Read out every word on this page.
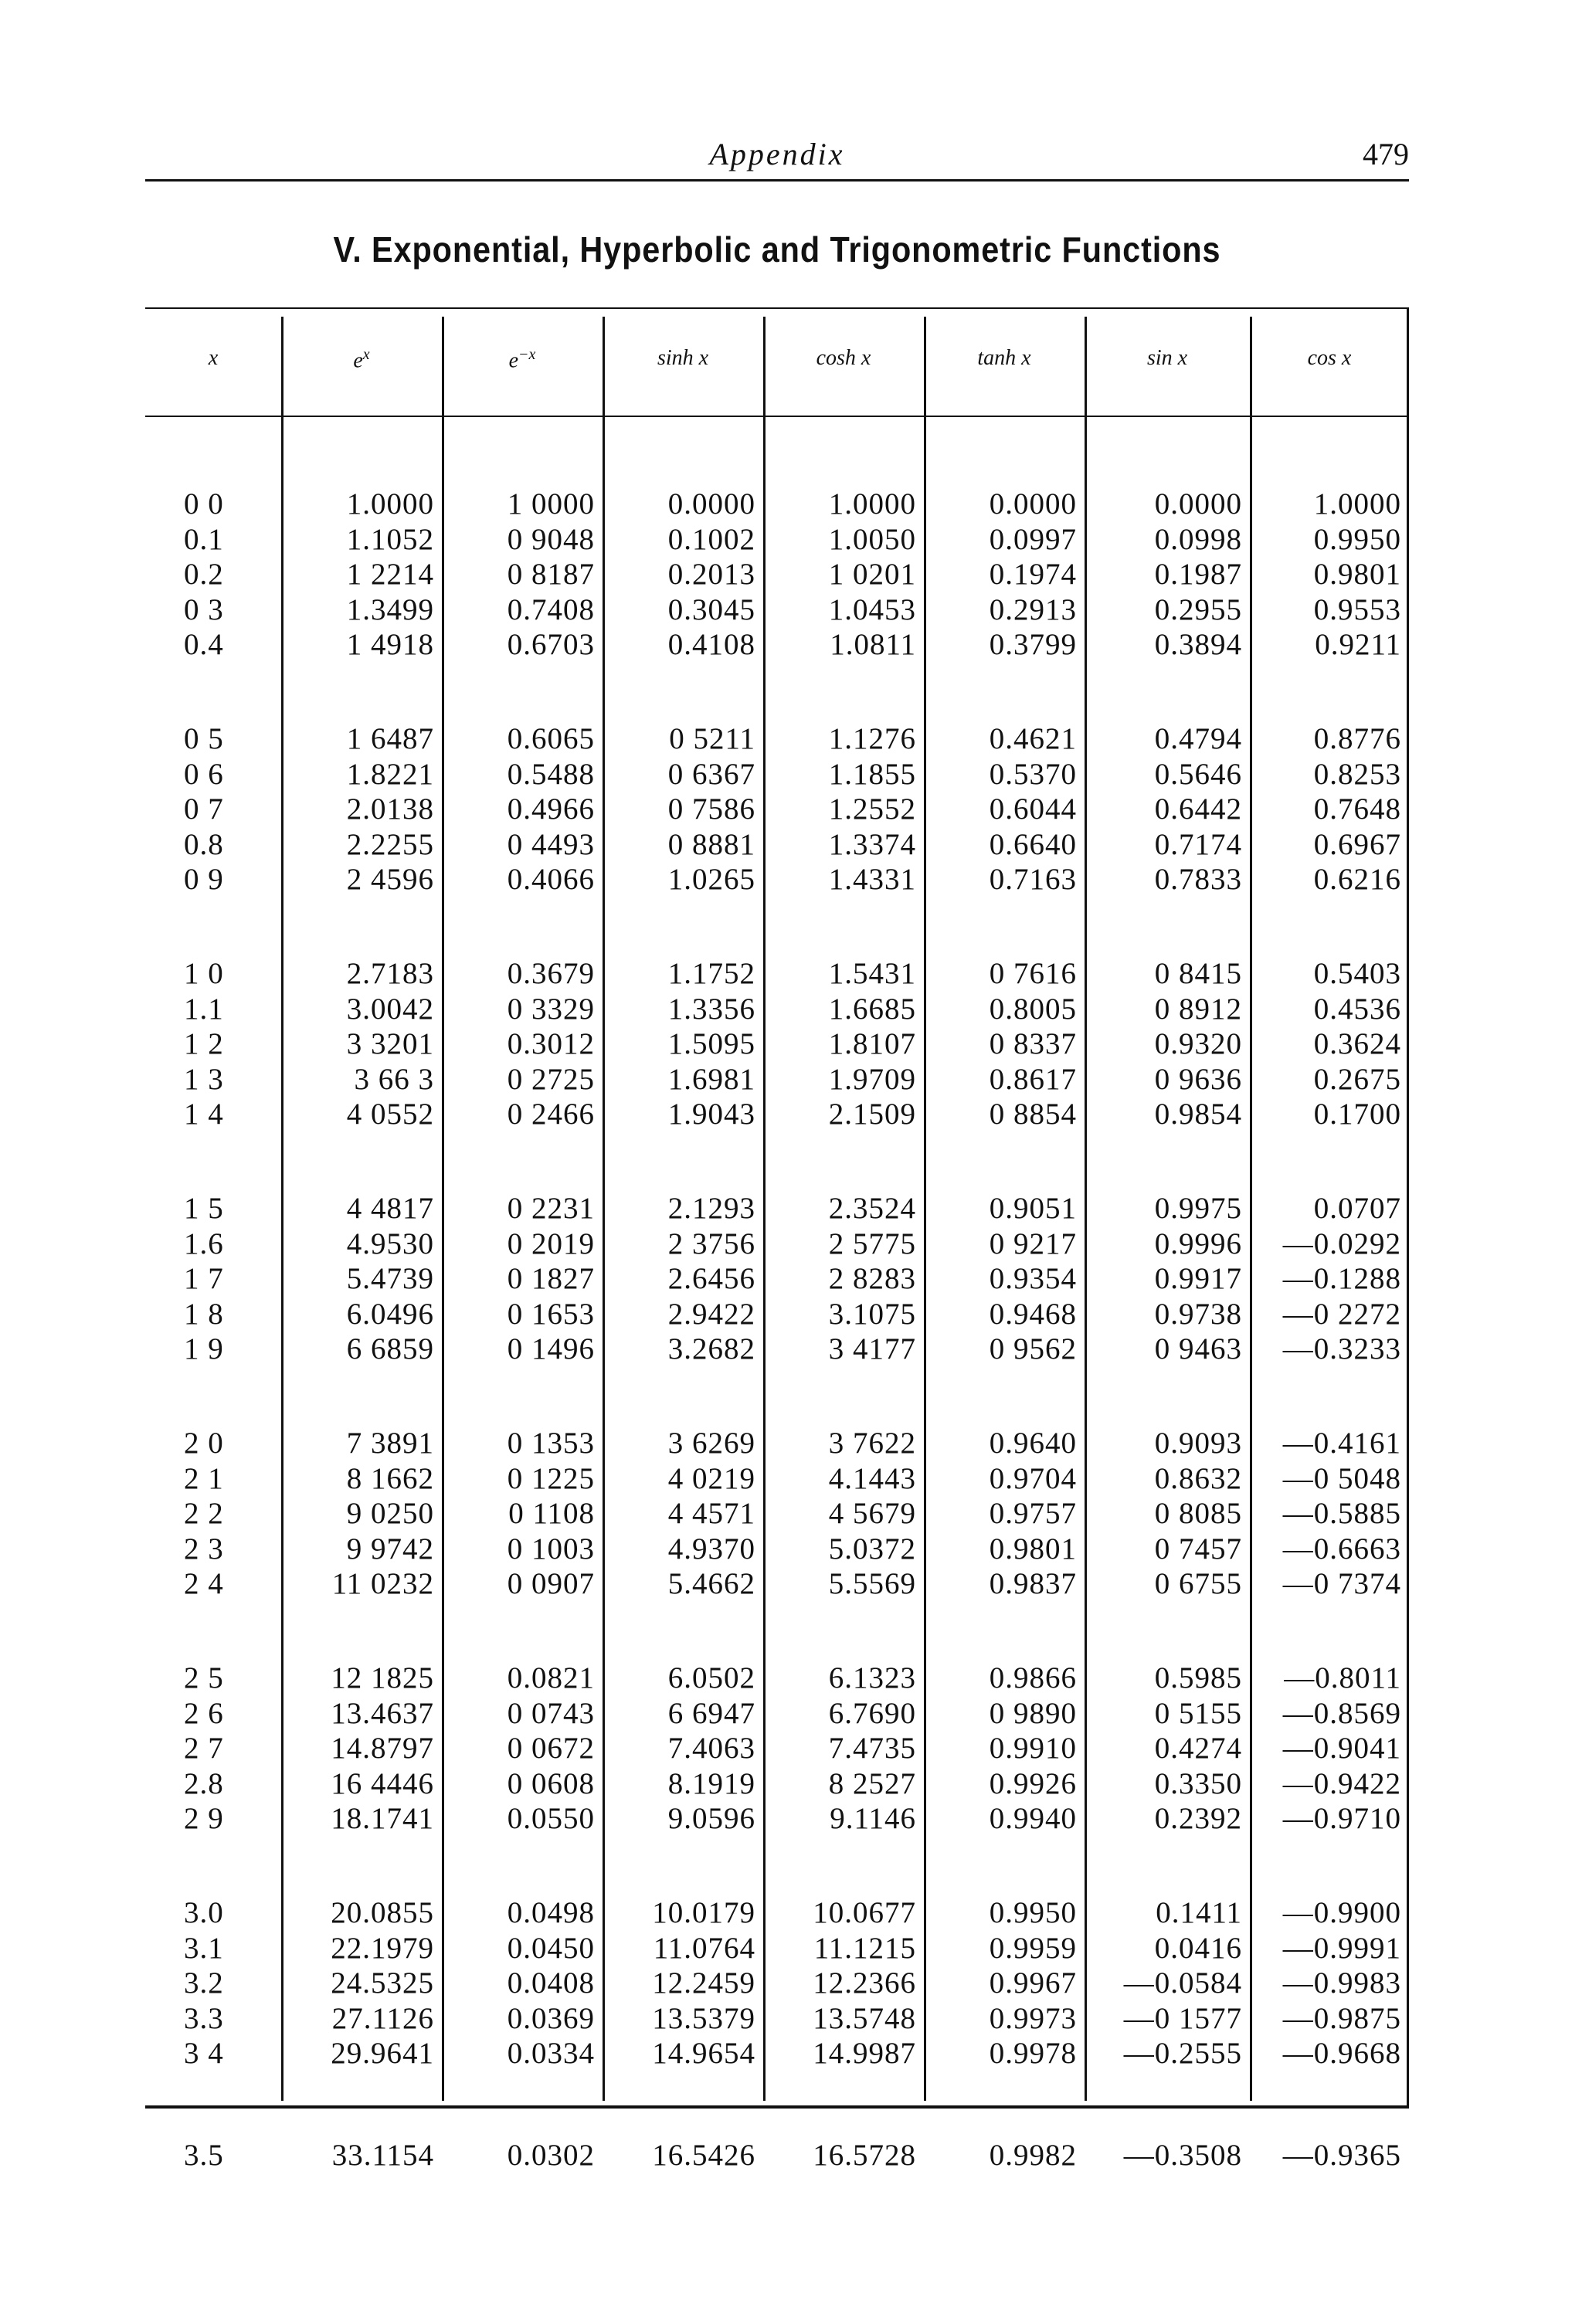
Appendix	479
V. Exponential, Hyperbolic and Trigonometric Functions
x	$e^x$	$e^{-x}$	sinh x	cosh x	tanh x	sin x	cos x
0 0	1.0000	1 0000	0.0000	1.0000	0.0000	0.0000	1.0000
0.1	1.1052	0 9048	0.1002	1.0050	0.0997	0.0998	0.9950
0.2	1 2214	0 8187	0.2013	1 0201	0.1974	0.1987	0.9801
0 3	1.3499	0.7408	0.3045	1.0453	0.2913	0.2955	0.9553
0.4	1 4918	0.6703	0.4108	1.0811	0.3799	0.3894	0.9211
0 5	1 6487	0.6065	0 5211	1.1276	0.4621	0.4794	0.8776
0 6	1.8221	0.5488	0 6367	1.1855	0.5370	0.5646	0.8253
0 7	2.0138	0.4966	0 7586	1.2552	0.6044	0.6442	0.7648
0.8	2.2255	0 4493	0 8881	1.3374	0.6640	0.7174	0.6967
0 9	2 4596	0.4066	1.0265	1.4331	0.7163	0.7833	0.6216
1 0	2.7183	0.3679	1.1752	1.5431	0 7616	0 8415	0.5403
1.1	3.0042	0 3329	1.3356	1.6685	0.8005	0 8912	0.4536
1 2	3 3201	0.3012	1.5095	1.8107	0 8337	0.9320	0.3624
1 3	3 66 3	0 2725	1.6981	1.9709	0.8617	0 9636	0.2675
1 4	4 0552	0 2466	1.9043	2.1509	0 8854	0.9854	0.1700
1 5	4 4817	0 2231	2.1293	2.3524	0.9051	0.9975	0.0707
1.6	4.9530	0 2019	2 3756	2 5775	0 9217	0.9996	—0.0292
1 7	5.4739	0 1827	2.6456	2 8283	0.9354	0.9917	—0.1288
1 8	6.0496	0 1653	2.9422	3.1075	0.9468	0.9738	—0 2272
1 9	6 6859	0 1496	3.2682	3 4177	0 9562	0 9463	—0.3233
2 0	7 3891	0 1353	3 6269	3 7622	0.9640	0.9093	—0.4161
2 1	8 1662	0 1225	4 0219	4.1443	0.9704	0.8632	—0 5048
2 2	9 0250	0 1108	4 4571	4 5679	0.9757	0 8085	—0.5885
2 3	9 9742	0 1003	4.9370	5.0372	0.9801	0 7457	—0.6663
2 4	11 0232	0 0907	5.4662	5.5569	0.9837	0 6755	—0 7374
2 5	12 1825	0.0821	6.0502	6.1323	0.9866	0.5985	—0.8011
2 6	13.4637	0 0743	6 6947	6.7690	0 9890	0 5155	—0.8569
2 7	14.8797	0 0672	7.4063	7.4735	0.9910	0.4274	—0.9041
2.8	16 4446	0 0608	8.1919	8 2527	0.9926	0.3350	—0.9422
2 9	18.1741	0.0550	9.0596	9.1146	0.9940	0.2392	—0.9710
3.0	20.0855	0.0498	10.0179	10.0677	0.9950	0.1411	—0.9900
3.1	22.1979	0.0450	11.0764	11.1215	0.9959	0.0416	—0.9991
3.2	24.5325	0.0408	12.2459	12.2366	0.9967	—0.0584	—0.9983
3.3	27.1126	0.0369	13.5379	13.5748	0.9973	—0 1577	—0.9875
3 4	29.9641	0.0334	14.9654	14.9987	0.9978	—0.2555	—0.9668
3.5	33.1154	0.0302	16.5426	16.5728	0.9982	—0.3508	—0.9365
